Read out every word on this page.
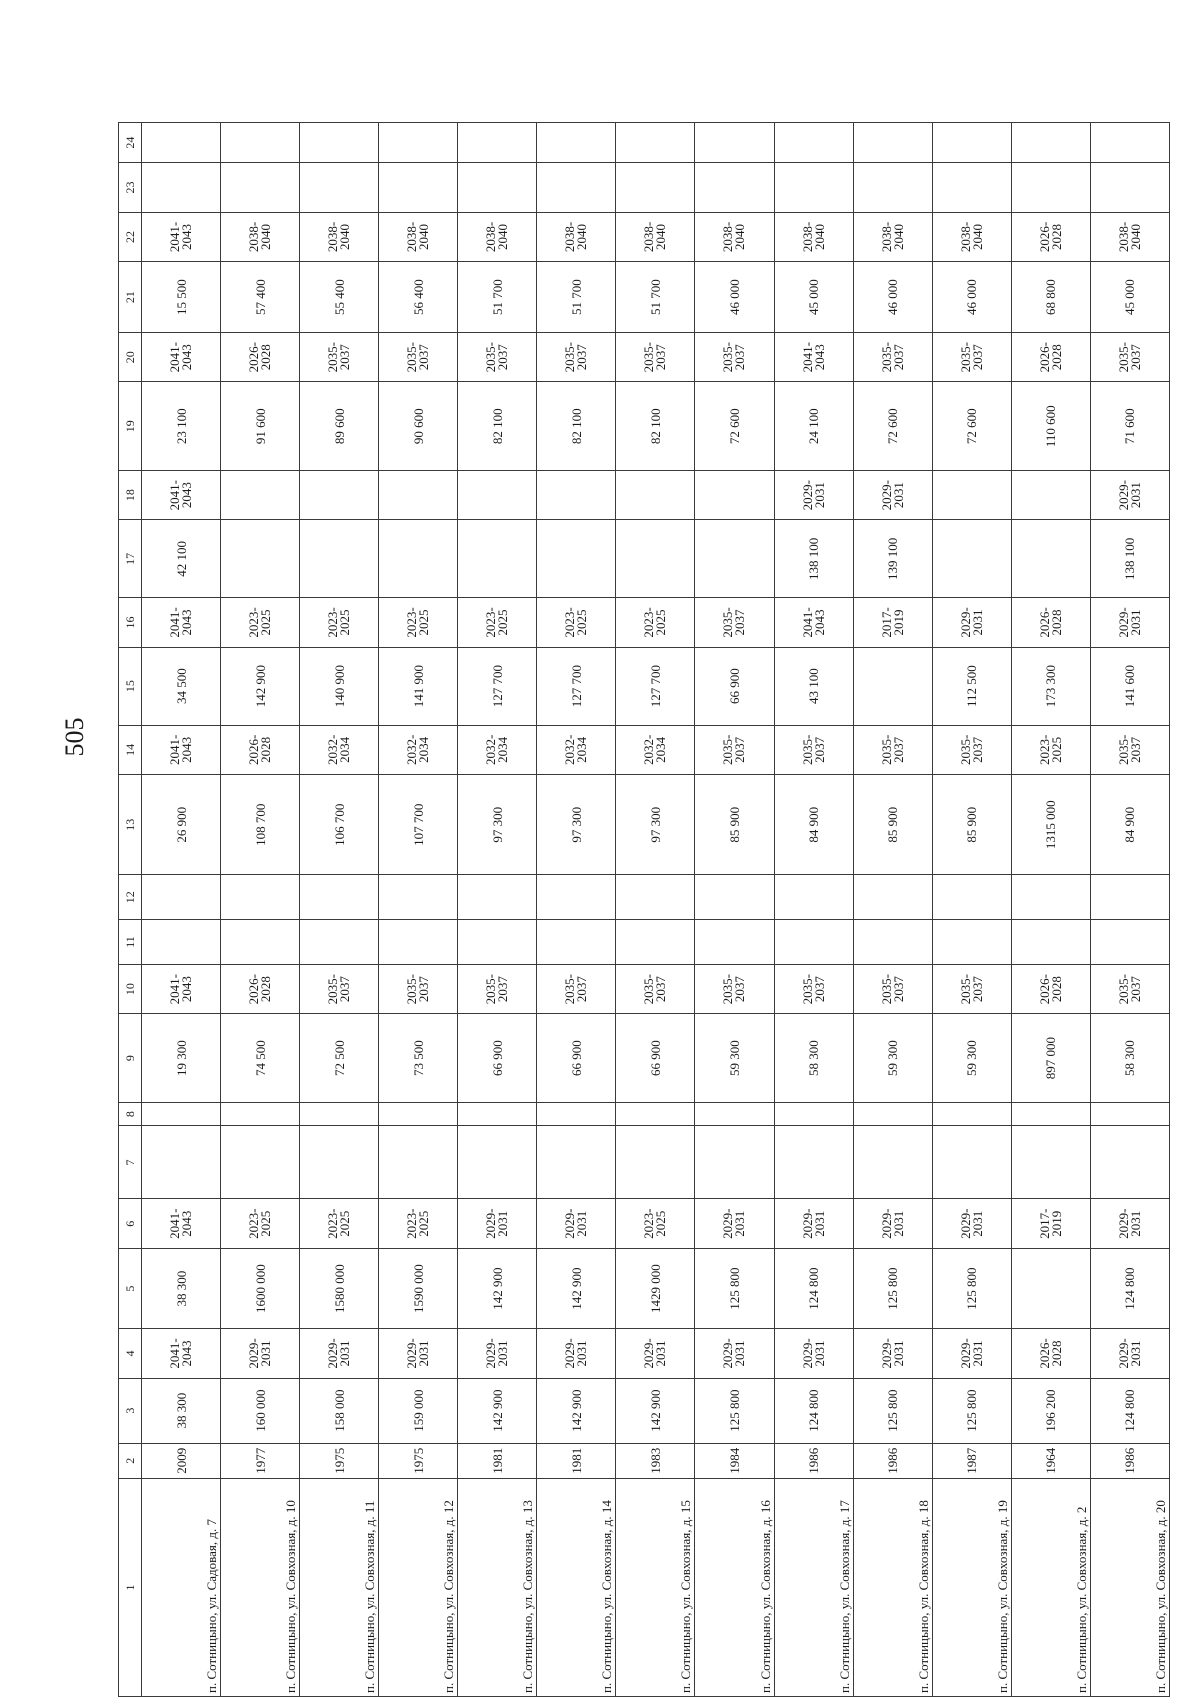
505
1	2	3	4	5	6	7	8	9	10	11	12	13	14	15	16	17	18	19	20	21	22	23	24
п. Сотницыно, ул. Садовая, д. 7	2009	38 300	2041-2043	38 300	2041-2043			19 300	2041-2043			26 900	2041-2043	34 500	2041-2043	42 100	2041-2043	23 100	2041-2043	15 500	2041-2043		
п. Сотницыно, ул. Совхозная, д. 10	1977	160 000	2029-2031	1600 000	2023-2025			74 500	2026-2028			108 700	2026-2028	142 900	2023-2025			91 600	2026-2028	57 400	2038-2040		
п. Сотницыно, ул. Совхозная, д. 11	1975	158 000	2029-2031	1580 000	2023-2025			72 500	2035-2037			106 700	2032-2034	140 900	2023-2025			89 600	2035-2037	55 400	2038-2040		
п. Сотницыно, ул. Совхозная, д. 12	1975	159 000	2029-2031	1590 000	2023-2025			73 500	2035-2037			107 700	2032-2034	141 900	2023-2025			90 600	2035-2037	56 400	2038-2040		
п. Сотницыно, ул. Совхозная, д. 13	1981	142 900	2029-2031	142 900	2029-2031			66 900	2035-2037			97 300	2032-2034	127 700	2023-2025			82 100	2035-2037	51 700	2038-2040		
п. Сотницыно, ул. Совхозная, д. 14	1981	142 900	2029-2031	142 900	2029-2031			66 900	2035-2037			97 300	2032-2034	127 700	2023-2025			82 100	2035-2037	51 700	2038-2040		
п. Сотницыно, ул. Совхозная, д. 15	1983	142 900	2029-2031	1429 000	2023-2025			66 900	2035-2037			97 300	2032-2034	127 700	2023-2025			82 100	2035-2037	51 700	2038-2040		
п. Сотницыно, ул. Совхозная, д. 16	1984	125 800	2029-2031	125 800	2029-2031			59 300	2035-2037			85 900	2035-2037	66 900	2035-2037			72 600	2035-2037	46 000	2038-2040		
п. Сотницыно, ул. Совхозная, д. 17	1986	124 800	2029-2031	124 800	2029-2031			58 300	2035-2037			84 900	2035-2037	43 100	2041-2043	138 100	2029-2031	24 100	2041-2043	45 000	2038-2040		
п. Сотницыно, ул. Совхозная, д. 18	1986	125 800	2029-2031	125 800	2029-2031			59 300	2035-2037			85 900	2035-2037		2017-2019	139 100	2029-2031	72 600	2035-2037	46 000	2038-2040		
п. Сотницыно, ул. Совхозная, д. 19	1987	125 800	2029-2031	125 800	2029-2031			59 300	2035-2037			85 900	2035-2037	112 500	2029-2031			72 600	2035-2037	46 000	2038-2040		
п. Сотницыно, ул. Совхозная, д. 2	1964	196 200	2026-2028		2017-2019			897 000	2026-2028			1315 000	2023-2025	173 300	2026-2028			110 600	2026-2028	68 800	2026-2028		
п. Сотницыно, ул. Совхозная, д. 20	1986	124 800	2029-2031	124 800	2029-2031			58 300	2035-2037			84 900	2035-2037	141 600	2029-2031	138 100	2029-2031	71 600	2035-2037	45 000	2038-2040		
